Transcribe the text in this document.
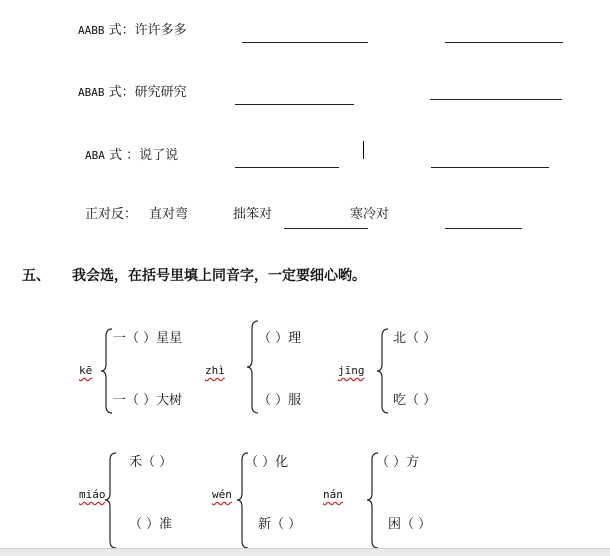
AABB 式：许许多多
ABAB 式：研究研究
ABA 式 ：说了说
正对反： 直对弯	拙笨对	寒冷对
五、 我会选，在括号里填上同音字，一定要细心哟。
kē
一（ ）星星
一（ ）大树
zhì
（ ）理
（ ）服
jīng
北（ ）
吃（ ）
miáo
禾（ ）
（ ）准
wén
（ ）化
新（ ）
nán
（ ）方
困（ ）
